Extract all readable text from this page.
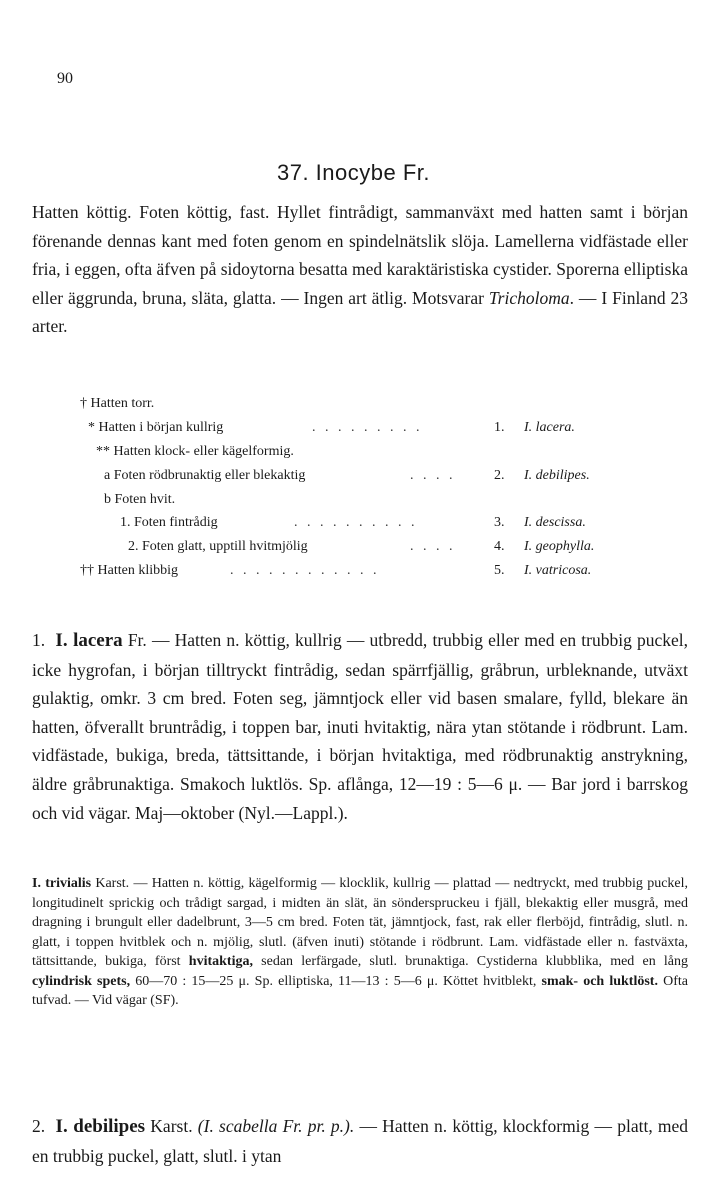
90
37. Inocybe Fr.

Hatten köttig. Foten köttig, fast. Hyllet fintrådigt, sammanväxt med hatten samt i början förenande dennas kant med foten genom en spindelnätslik slöja. Lamellerna vidfästade eller fria, i eggen, ofta äfven på sidoytorna besatta med karaktäristiska cystider. Sporerna elliptiska eller äggrunda, bruna, släta, glatta. — Ingen art ätlig. Motsvarar Tricholoma. — I Finland 23 arter.

† Hatten torr.
* Hatten i början kullrig	. . . . . . . . .	1. I. lacera.
** Hatten klock- eller kägelformig.
a Foten rödbrunaktig eller blekaktig	. . . .	2. I. debilipes.
b Foten hvit.
1. Foten fintrådig	. . . . . . . . . .	3. I. descissa.
2. Foten glatt, upptill hvitmjölig	. . . .	4. I. geophylla.
†† Hatten klibbig	. . . . . . . . . . . .	5. I. vatricosa.

1. I. lacera Fr. — Hatten n. köttig, kullrig — utbredd, trubbig eller med en trubbig puckel, icke hygrofan, i början tilltryckt fintrådig, sedan spärrfjällig, gråbrun, urbleknande, utväxt gulaktig, omkr. 3 cm bred. Foten seg, jämntjock eller vid basen smalare, fylld, blekare än hatten, öfverallt bruntrådig, i toppen bar, inuti hvitaktig, nära ytan stötande i rödbrunt. Lam. vidfästade, bukiga, breda, tättsittande, i början hvitaktiga, med rödbrunaktig anstrykning, äldre gråbrunaktiga. Smakoch luktlös. Sp. aflånga, 12—19 : 5—6 μ. — Bar jord i barrskog och vid vägar. Maj—oktober (Nyl.—Lappl.).

I. trivialis Karst. — Hatten n. köttig, kägelformig — klocklik, kullrig — plattad — nedtryckt, med trubbig puckel, longitudinelt sprickig och trådigt sargad, i midten än slät, än sönderspruckeu i fjäll, blekaktig eller musgrå, med dragning i brungult eller dadelbrunt, 3—5 cm bred. Foten tät, jämntjock, fast, rak eller flerböjd, fintrådig, slutl. n. glatt, i toppen hvitblek och n. mjölig, slutl. (äfven inuti) stötande i rödbrunt. Lam. vidfästade eller n. fastväxta, tättsittande, bukiga, först hvitaktiga, sedan lerfärgade, slutl. brunaktiga. Cystiderna klubblika, med en lång cylindrisk spets, 60—70 : 15—25 μ. Sp. elliptiska, 11—13 : 5—6 μ. Köttet hvitblekt, smak- och luktlöst. Ofta tufvad. — Vid vägar (SF).

2. I. debilipes Karst. (I. scabella Fr. pr. p.). — Hatten n. köttig, klockformig — platt, med en trubbig puckel, glatt, slutl. i ytan
